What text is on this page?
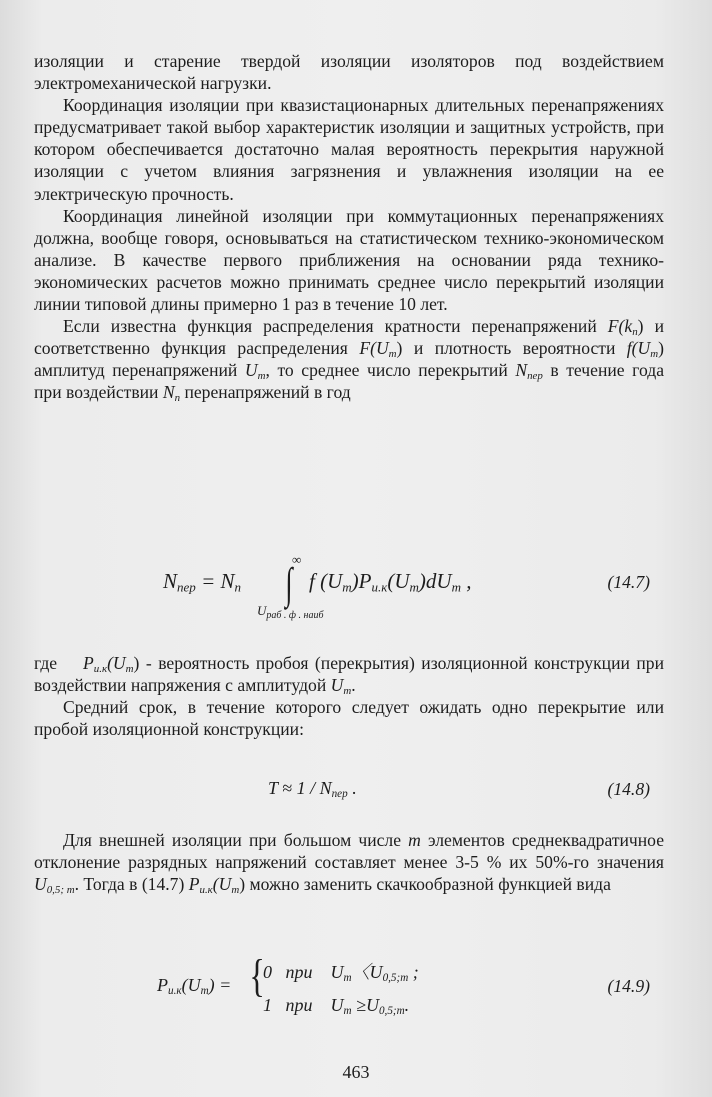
изоляции и старение твердой изоляции изоляторов под воздействием электромеханической нагрузки.

Координация изоляции при квазистационарных длительных перенапряжениях предусматривает такой выбор характеристик изоляции и защитных устройств, при котором обеспечивается достаточно малая вероятность перекрытия наружной изоляции с учетом влияния загрязнения и увлажнения изоляции на ее электрическую прочность.

Координация линейной изоляции при коммутационных перенапряжениях должна, вообще говоря, основываться на статистическом технико-экономическом анализе. В качестве первого приближения на основании ряда технико-экономических расчетов можно принимать среднее число перекрытий изоляции линии типовой длины примерно 1 раз в течение 10 лет.

Если известна функция распределения кратности перенапряжений $F(k_п)$ и соответственно функция распределения $F(U_m)$ и плотность вероятности $f(U_m)$ амплитуд перенапряжений $U_m$, то среднее число перекрытий $N_{пер}$ в течение года при воздействии $N_n$ перенапряжений в год

$N_{пер} = N_п$
∞
∫
$U_{раб . ф . наиб}$
f $(U_m)P_{и.к}(U_m)dU_m$ ,	(14.7)

где    $P_{и.к}(U_m)$ - вероятность пробоя (перекрытия) изоляционной конструкции при воздействии напряжения с амплитудой $U_m$.

Средний срок, в течение которого следует ожидать одно перекрытие или пробой изоляционной конструкции:

$T \approx 1 / N_{пер}$ .	(14.8)

Для внешней изоляции при большом числе m элементов среднеквадратичное отклонение разрядных напряжений составляет менее 3-5 % их 50%-го значения $U_{0,5; m}$. Тогда в (14.7) $P_{и.к}(U_m)$ можно заменить скачкообразной функцией вида

$P_{и.к}(U_m)$ = {
0 при $U_m$〈$U_{0,5;m}$ ;
1 при $U_m \ge U_{0,5;m}$.
(14.9)
463
